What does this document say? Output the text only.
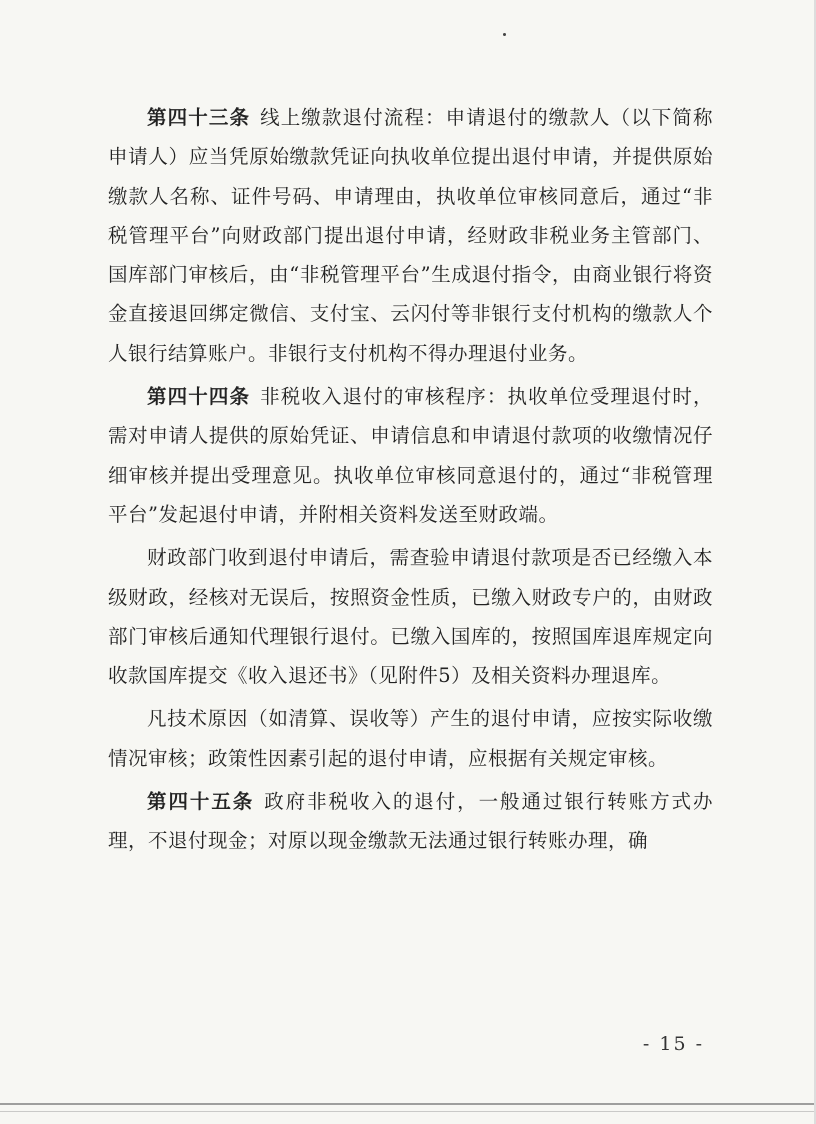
第四十三条 线上缴款退付流程：申请退付的缴款人（以下简称申请人）应当凭原始缴款凭证向执收单位提出退付申请，并提供原始缴款人名称、证件号码、申请理由，执收单位审核同意后，通过“非税管理平台”向财政部门提出退付申请，经财政非税业务主管部门、国库部门审核后，由“非税管理平台”生成退付指令，由商业银行将资金直接退回绑定微信、支付宝、云闪付等非银行支付机构的缴款人个人银行结算账户。非银行支付机构不得办理退付业务。

第四十四条 非税收入退付的审核程序：执收单位受理退付时，需对申请人提供的原始凭证、申请信息和申请退付款项的收缴情况仔细审核并提出受理意见。执收单位审核同意退付的，通过“非税管理平台”发起退付申请，并附相关资料发送至财政端。

财政部门收到退付申请后，需查验申请退付款项是否已经缴入本级财政，经核对无误后，按照资金性质，已缴入财政专户的，由财政部门审核后通知代理银行退付。已缴入国库的，按照国库退库规定向收款国库提交《收入退还书》（见附件5）及相关资料办理退库。

凡技术原因（如清算、误收等）产生的退付申请，应按实际收缴情况审核；政策性因素引起的退付申请，应根据有关规定审核。

第四十五条 政府非税收入的退付，一般通过银行转账方式办理，不退付现金；对原以现金缴款无法通过银行转账办理，确

- 15 -
